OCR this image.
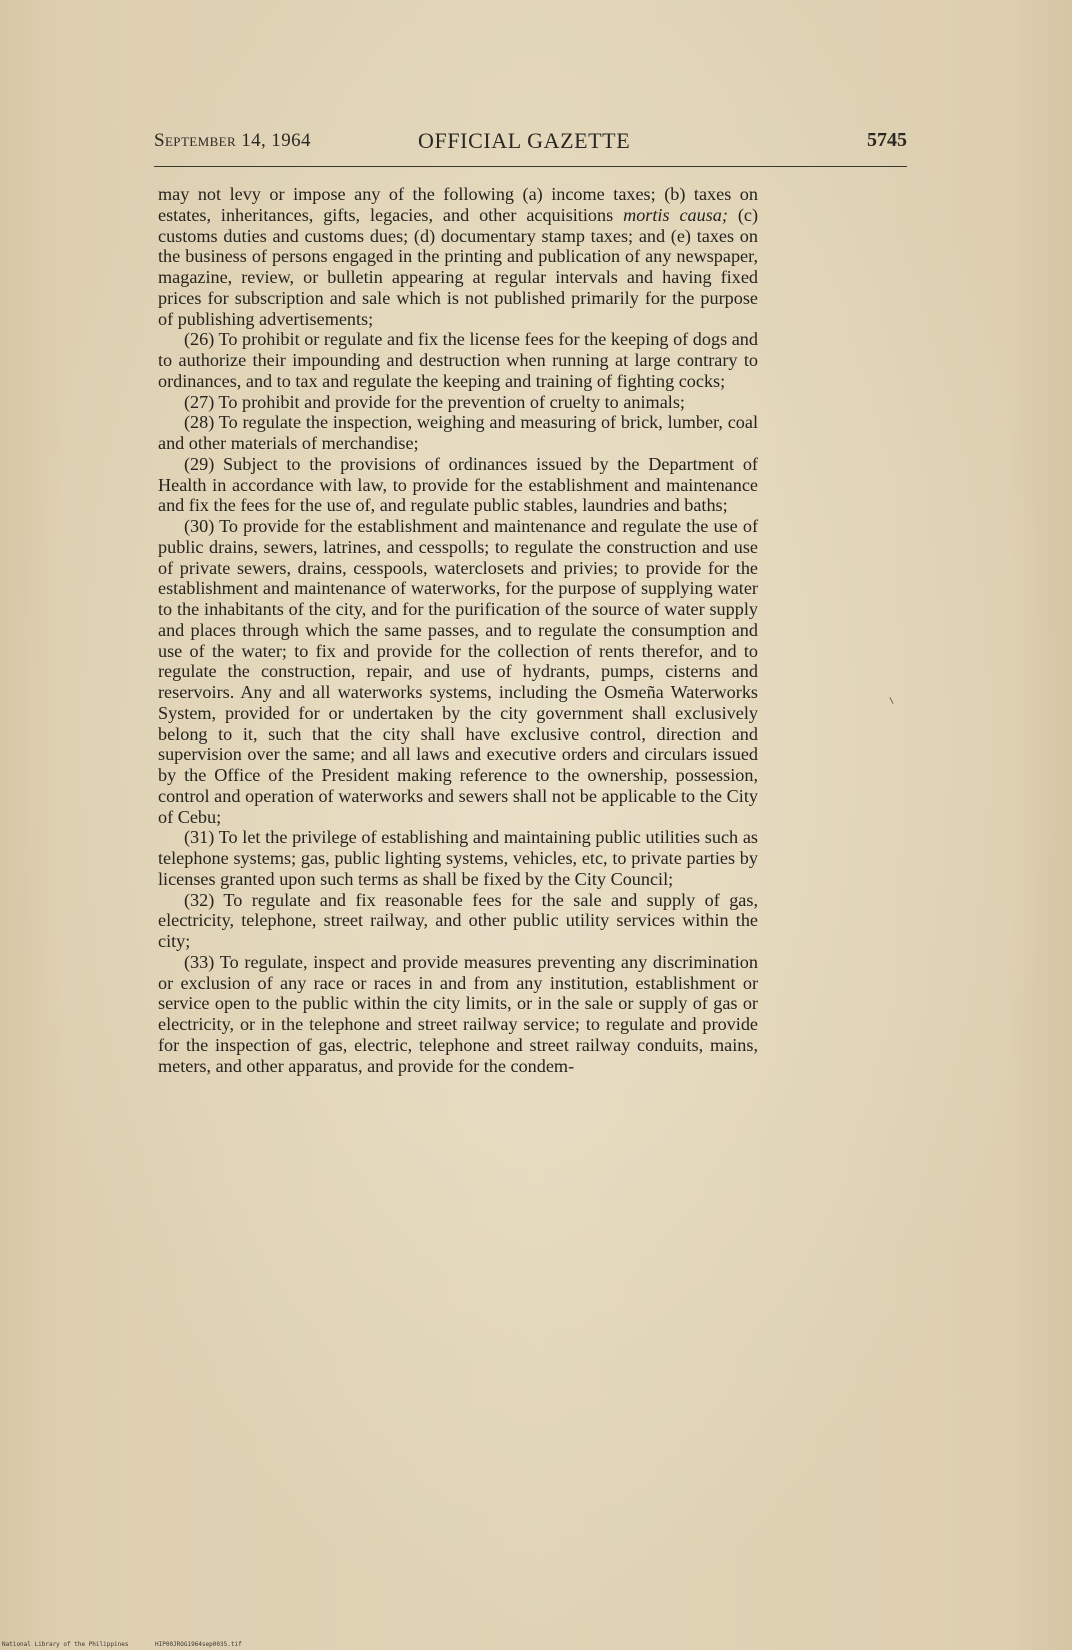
September 14, 1964	OFFICIAL GAZETTE	5745

may not levy or impose any of the following (a) income taxes; (b) taxes on estates, inheritances, gifts, legacies, and other acquisitions mortis causa; (c) customs duties and customs dues; (d) documentary stamp taxes; and (e) taxes on the business of persons engaged in the printing and publication of any newspaper, magazine, review, or bulletin appearing at regular intervals and having fixed prices for subscription and sale which is not published primarily for the purpose of publishing advertisements;

(26) To prohibit or regulate and fix the license fees for the keeping of dogs and to authorize their impounding and destruction when running at large contrary to ordinances, and to tax and regulate the keeping and training of fighting cocks;

(27) To prohibit and provide for the prevention of cruelty to animals;

(28) To regulate the inspection, weighing and measuring of brick, lumber, coal and other materials of merchandise;

(29) Subject to the provisions of ordinances issued by the Department of Health in accordance with law, to provide for the establishment and maintenance and fix the fees for the use of, and regulate public stables, laundries and baths;

(30) To provide for the establishment and maintenance and regulate the use of public drains, sewers, latrines, and cesspolls; to regulate the construction and use of private sewers, drains, cesspools, waterclosets and privies; to provide for the establishment and maintenance of waterworks, for the purpose of supplying water to the inhabitants of the city, and for the purification of the source of water supply and places through which the same passes, and to regulate the consumption and use of the water; to fix and provide for the collection of rents therefor, and to regulate the construction, repair, and use of hydrants, pumps, cisterns and reservoirs. Any and all waterworks systems, including the Osmeña Waterworks System, provided for or undertaken by the city government shall exclusively belong to it, such that the city shall have exclusive control, direction and supervision over the same; and all laws and executive orders and circulars issued by the Office of the President making reference to the ownership, possession, control and operation of waterworks and sewers shall not be applicable to the City of Cebu;

(31) To let the privilege of establishing and maintaining public utilities such as telephone systems; gas, public lighting systems, vehicles, etc, to private parties by licenses granted upon such terms as shall be fixed by the City Council;

(32) To regulate and fix reasonable fees for the sale and supply of gas, electricity, telephone, street railway, and other public utility services within the city;

(33) To regulate, inspect and provide measures preventing any discrimination or exclusion of any race or races in and from any institution, establishment or service open to the public within the city limits, or in the sale or supply of gas or electricity, or in the telephone and street railway service; to regulate and provide for the inspection of gas, electric, telephone and street railway conduits, mains, meters, and other apparatus, and provide for the condem-

National Library of the Philippines	HIP00JROG1964sep0035.tif
